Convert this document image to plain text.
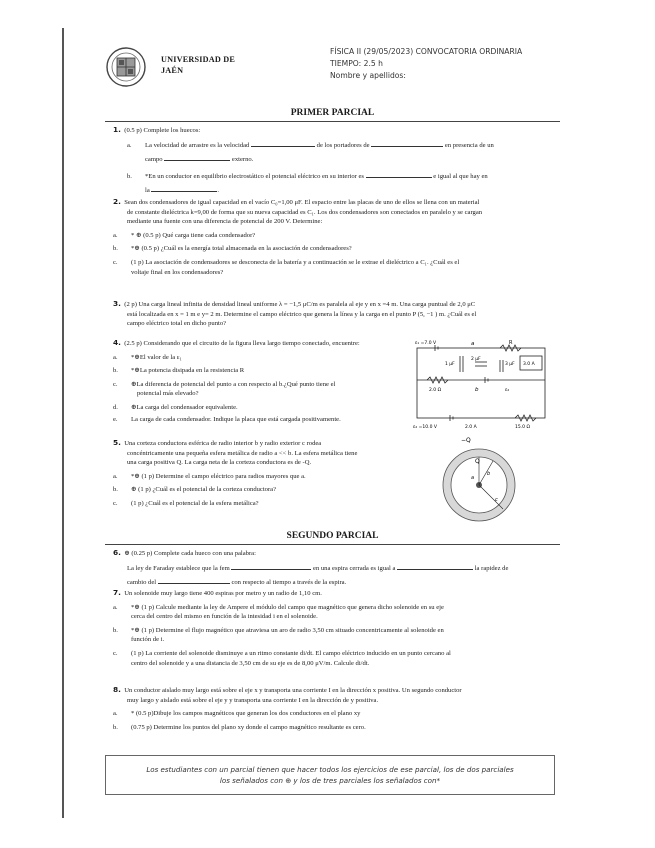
UNIVERSIDAD DE
JAÉN
FÍSICA II (29/05/2023) CONVOCATORIA ORDINARIA
TIEMPO: 2.5 h
Nombre y apellidos:
PRIMER PARCIAL
1. (0.5 p) Complete los huecos:
a. La velocidad de arrastre es la velocidad	de los portadores de	en presencia de un
campo	externo.
b. *En un conductor en equilibrio electrostático el potencial eléctrico en su interior es	e igual al que hay en
la	.
2. Sean dos condensadores de igual capacidad en el vacío C₀=1,00 μF. El espacio entre las placas de uno de ellos se llena con un material
de constante dieléctrica k=9,00 de forma que su nueva capacidad es C₁. Los dos condensadores son conectados en paralelo y se cargan
mediante una fuente con una diferencia de potencial de 200 V. Determine:
a. * ⊕ (0.5 p) Qué carga tiene cada condensador?
b. *⊕ (0.5 p) ¿Cuál es la energía total almacenada en la asociación de condensadores?
c. (1 p) La asociación de condensadores se desconecta de la batería y a continuación se le extrae el dieléctrico a C₁. ¿Cuál es el
voltaje final en los condensadores?
3. (2 p) Una carga lineal infinita de densidad lineal uniforme λ = −1,5 μC/m es paralela al eje y en x =4 m. Una carga puntual de 2,0 μC
está localizada en x = 1 m e y= 2 m. Determine el campo eléctrico que genera la línea y la carga en el punto P (5, −1 ) m. ¿Cuál es el
campo eléctrico total en dicho punto?
4. (2.5 p) Considerando que el circuito de la figura lleva largo tiempo conectado, encuentre:
a. *⊕El valor de la ε₁
b. *⊕La potencia disipada en la resistencia R
c. ⊕La diferencia de potencial del punto a con respecto al b.¿Qué punto tiene el
potencial más elevado?
d. ⊕La carga del condensador equivalente.
e. La carga de cada condensador. Indique la placa que está cargada positivamente.
ε₁ =7.0 V	a	R
2 μF
1 μF	3 μF 3.0 A
2.0 Ω	b	ε₂
ε₂ =10.0 V	2.0 A	15.0 Ω
5. Una corteza conductora esférica de radio interior b y radio exterior c rodea
concéntricamente una pequeña esfera metálica de radio a << b. La esfera metálica tiene
una carga positiva Q. La carga neta de la corteza conductora es de -Q.
a. *⊕ (1 p) Determine el campo eléctrico para radios mayores que a.
b. ⊕ (1 p) ¿Cuál es el potencial de la corteza conductora?
c. (1 p) ¿Cuál es el potencial de la esfera metálica?
−Q
Q
a
b
c
SEGUNDO PARCIAL
6. ⊕ (0.25 p) Complete cada hueco con una palabra:
La ley de Faraday establece que la fem	en una espira cerrada es igual a	la rapidez de
cambio del	con respecto al tiempo a través de la espira.
7. Un solenoide muy largo tiene 400 espiras por metro y un radio de 1,10 cm.
a. *⊕ (1 p) Calcule mediante la ley de Ampere el módulo del campo que magnético que genera dicho solenoide en su eje
cerca del centro del mismo en función de la intesidad i en el solenoide.
b. *⊕ (1 p) Determine el flujo magnético que atraviesa un aro de radio 3,50 cm situado concentricamente al solenoide en
función de i.
c. (1 p) La corriente del solenoide disminuye a un ritmo constante di/dt. El campo eléctrico inducido en un punto cercano al
centro del solenoide y a una distancia de 3,50 cm de su eje es de 8,00 μV/m. Calcule di/dt.
8. Un conductor aislado muy largo está sobre el eje x y transporta una corriente I en la dirección x positiva. Un segundo conductor
muy largo y aislado está sobre el eje y y transporta una corriente I en la dirección de y positiva.
a. * (0.5 p)Dibuje los campos magnéticos que generan los dos conductores en el plano xy
b. (0.75 p) Determine los puntos del plano xy donde el campo magnético resultante es cero.
Los estudiantes con un parcial tienen que hacer todos los ejercicios de ese parcial, los de dos parciales
los señalados con ⊕ y los de tres parciales los señalados con*
